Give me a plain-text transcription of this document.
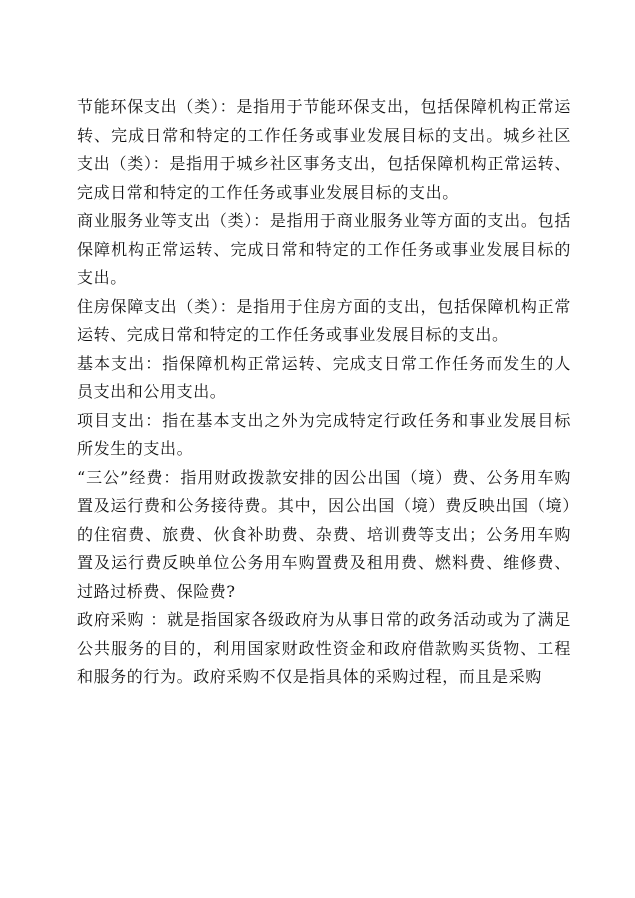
节能环保支出（类）：是指用于节能环保支出，包括保障机构正常运转、完成日常和特定的工作任务或事业发展目标的支出。城乡社区支出（类）：是指用于城乡社区事务支出，包括保障机构正常运转、完成日常和特定的工作任务或事业发展目标的支出。

商业服务业等支出（类）：是指用于商业服务业等方面的支出。包括保障机构正常运转、完成日常和特定的工作任务或事业发展目标的支出。

住房保障支出（类）：是指用于住房方面的支出，包括保障机构正常运转、完成日常和特定的工作任务或事业发展目标的支出。

基本支出：指保障机构正常运转、完成支日常工作任务而发生的人员支出和公用支出。

项目支出：指在基本支出之外为完成特定行政任务和事业发展目标所发生的支出。

“三公”经费：指用财政拨款安排的因公出国（境）费、公务用车购置及运行费和公务接待费。其中，因公出国（境）费反映出国（境）的住宿费、旅费、伙食补助费、杂费、培训费等支出；公务用车购置及运行费反映单位公务用车购置费及租用费、燃料费、维修费、过路过桥费、保险费?

政府采购 ：就是指国家各级政府为从事日常的政务活动或为了满足公共服务的目的，利用国家财政性资金和政府借款购买货物、工程和服务的行为。政府采购不仅是指具体的采购过程，而且是采购
